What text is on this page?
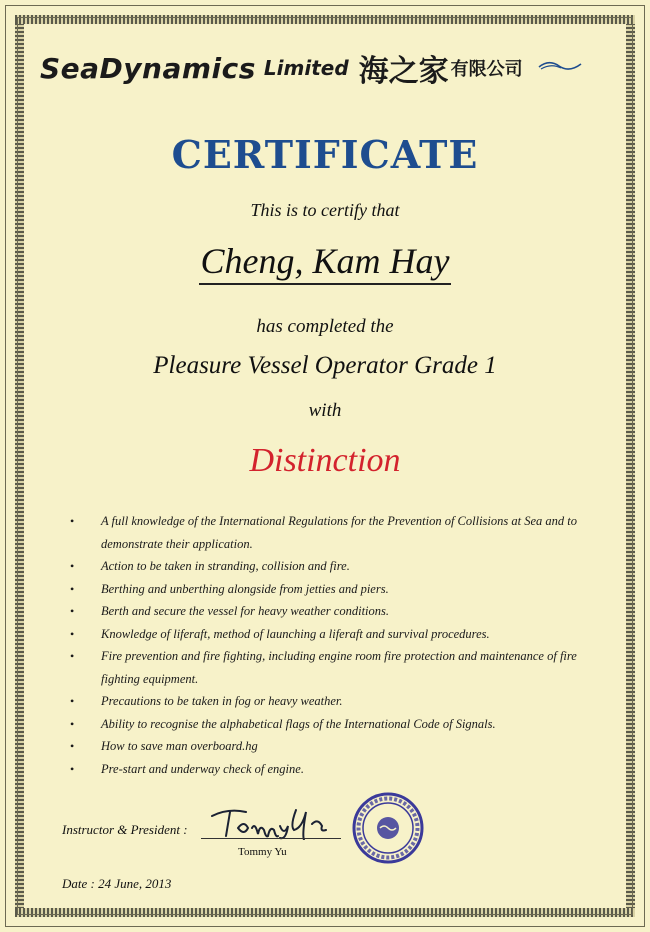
SeaDynamics Limited 海之家 有限公司
CERTIFICATE
This is to certify that
Cheng, Kam Hay
has completed the
Pleasure Vessel Operator Grade 1
with
Distinction
• A full knowledge of the International Regulations for the Prevention of Collisions at Sea and to demonstrate their application.
• Action to be taken in stranding, collision and fire.
• Berthing and unberthing alongside from jetties and piers.
• Berth and secure the vessel for heavy weather conditions.
• Knowledge of liferaft, method of launching a liferaft and survival procedures.
• Fire prevention and fire fighting, including engine room fire protection and maintenance of fire fighting equipment.
• Precautions to be taken in fog or heavy weather.
• Ability to recognise the alphabetical flags of the International Code of Signals.
• How to save man overboard.hg
• Pre-start and underway check of engine.
Instructor & President :
Tommy Yu
Date : 24 June, 2013
